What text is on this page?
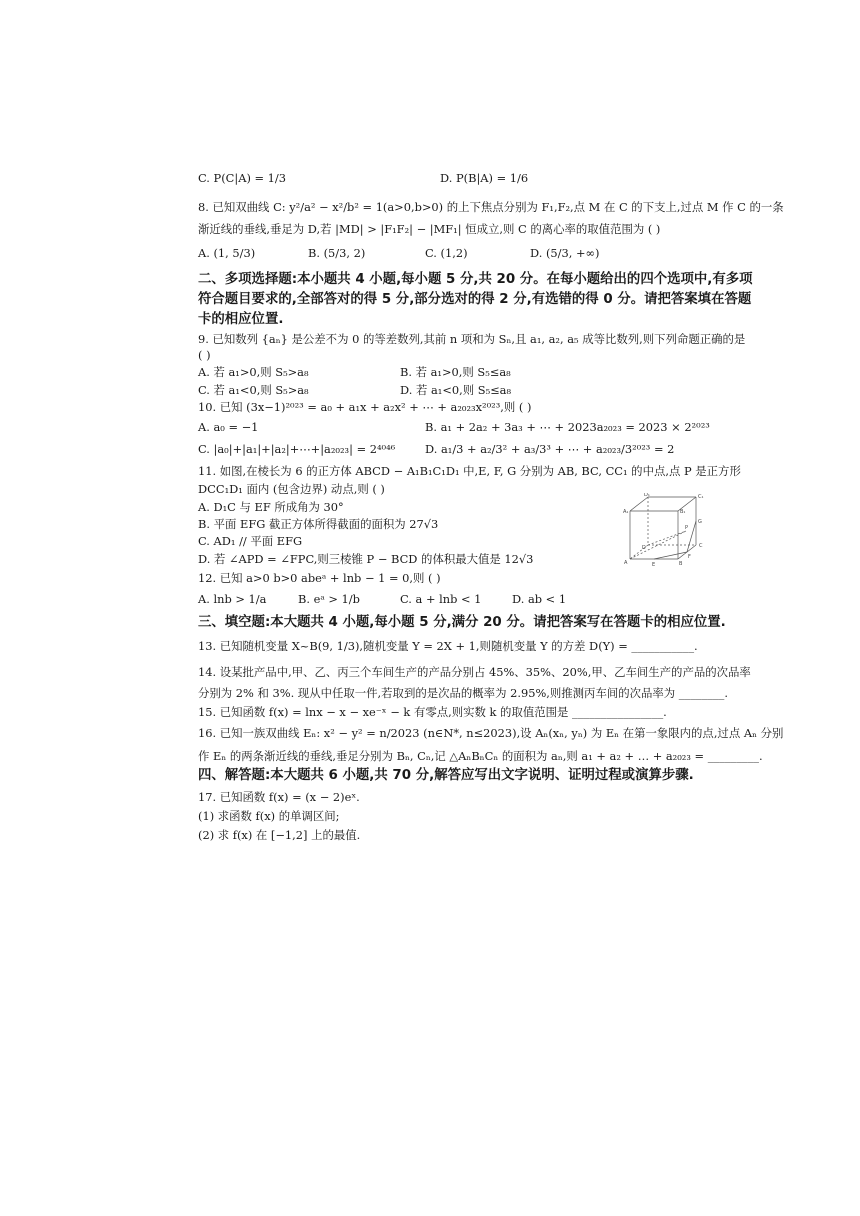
C. P(C|A) = 1/3	D. P(B|A) = 1/6
8. 已知双曲线 C: y²/a² − x²/b² = 1(a>0,b>0) 的上下焦点分别为 F₁,F₂,点 M 在 C 的下支上,过点 M 作 C 的一条
渐近线的垂线,垂足为 D,若 |MD| > |F₁F₂| − |MF₁| 恒成立,则 C 的离心率的取值范围为 ( )
A. (1, 5/3)	B. (5/3, 2)	C. (1,2)	D. (5/3, +∞)
二、多项选择题:本小题共 4 小题,每小题 5 分,共 20 分。在每小题给出的四个选项中,有多项
符合题目要求的,全部答对的得 5 分,部分选对的得 2 分,有选错的得 0 分。请把答案填在答题
卡的相应位置.
9. 已知数列 {aₙ} 是公差不为 0 的等差数列,其前 n 项和为 Sₙ,且 a₁, a₂, a₅ 成等比数列,则下列命题正确的是
( )
A. 若 a₁>0,则 S₅>a₈	B. 若 a₁>0,则 S₅≤a₈
C. 若 a₁<0,则 S₅>a₈	D. 若 a₁<0,则 S₅≤a₈
10. 已知 (3x−1)²⁰²³ = a₀ + a₁x + a₂x² + ⋯ + a₂₀₂₃x²⁰²³,则 ( )
A. a₀ = −1	B. a₁ + 2a₂ + 3a₃ + ⋯ + 2023a₂₀₂₃ = 2023 × 2²⁰²³
C. |a₀|+|a₁|+|a₂|+⋯+|a₂₀₂₃| = 2⁴⁰⁴⁶	D. a₁/3 + a₂/3² + a₃/3³ + ⋯ + a₂₀₂₃/3²⁰²³ = 2
11. 如图,在棱长为 6 的正方体 ABCD − A₁B₁C₁D₁ 中,E, F, G 分别为 AB, BC, CC₁ 的中点,点 P 是正方形
DCC₁D₁ 面内 (包含边界) 动点,则 ( )
A. D₁C 与 EF 所成角为 30°
B. 平面 EFG 截正方体所得截面的面积为 27√3
C. AD₁ // 平面 EFG
D. 若 ∠APD = ∠FPC,则三棱锥 P − BCD 的体积最大值是 12√3
D₁	C₁
A₁	B₁
D	C
A	B
G
P
E
F
12. 已知 a>0 b>0 abeᵃ + lnb − 1 = 0,则 ( )
A. lnb > 1/a	B. eᵃ > 1/b	C. a + lnb < 1	D. ab < 1
三、填空题:本大题共 4 小题,每小题 5 分,满分 20 分。请把答案写在答题卡的相应位置.
13. 已知随机变量 X~B(9, 1/3),随机变量 Y = 2X + 1,则随机变量 Y 的方差 D(Y) = ___________.
14. 设某批产品中,甲、乙、丙三个车间生产的产品分别占 45%、35%、20%,甲、乙车间生产的产品的次品率
分别为 2% 和 3%. 现从中任取一件,若取到的是次品的概率为 2.95%,则推测丙车间的次品率为 ________.
15. 已知函数 f(x) = lnx − x − xe⁻ˣ − k 有零点,则实数 k 的取值范围是 ________________.
16. 已知一族双曲线 Eₙ: x² − y² = n/2023 (n∈N*, n≤2023),设 Aₙ(xₙ, yₙ) 为 Eₙ 在第一象限内的点,过点 Aₙ 分别
作 Eₙ 的两条渐近线的垂线,垂足分别为 Bₙ, Cₙ,记 △AₙBₙCₙ 的面积为 aₙ,则 a₁ + a₂ + … + a₂₀₂₃ = _________.
四、解答题:本大题共 6 小题,共 70 分,解答应写出文字说明、证明过程或演算步骤.
17. 已知函数 f(x) = (x − 2)eˣ.
(1) 求函数 f(x) 的单调区间;
(2) 求 f(x) 在 [−1,2] 上的最值.
